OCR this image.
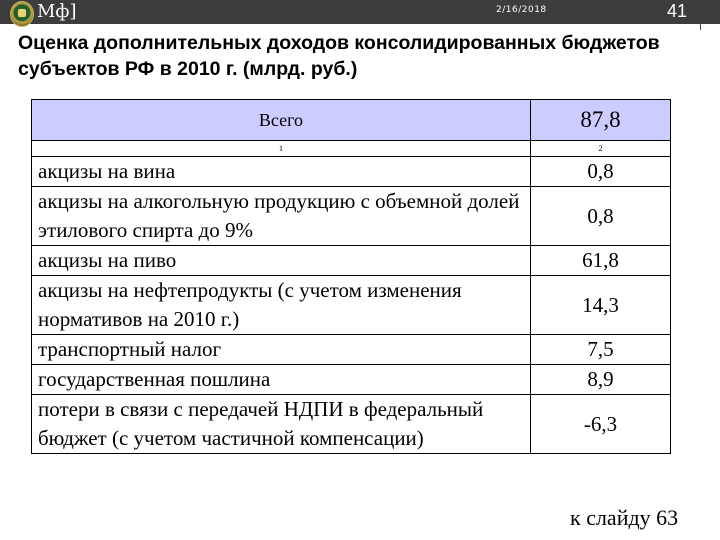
Мф]	2/16/2018	41
Оценка дополнительных доходов консолидированных бюджетов субъектов РФ в 2010 г. (млрд. руб.)
Всего	87,8
1	2
акцизы на вина	0,8
акцизы на алкогольную продукцию с объемной долей этилового спирта до 9%	0,8
акцизы на пиво	61,8
акцизы на нефтепродукты (с учетом изменения нормативов на 2010 г.)	14,3
транспортный налог	7,5
государственная пошлина	8,9
потери в связи с передачей НДПИ в федеральный бюджет (с учетом частичной компенсации)	-6,3
к слайду 63
